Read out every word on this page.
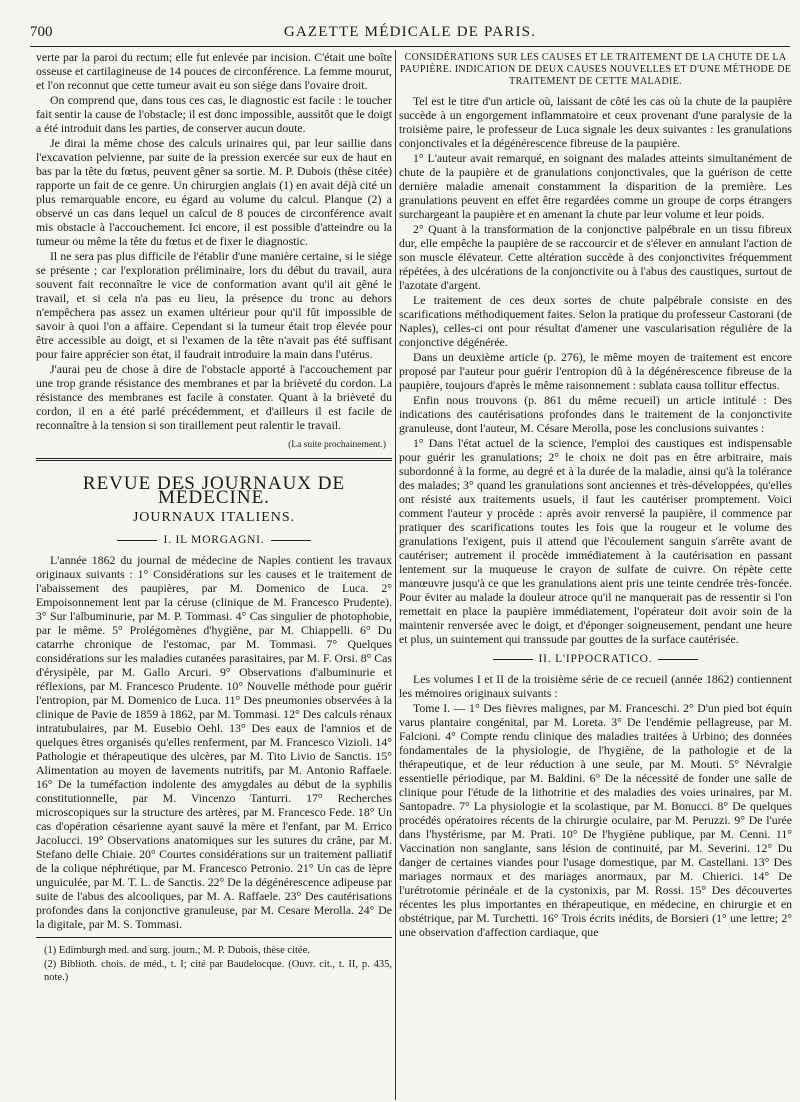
700	GAZETTE MÉDICALE DE PARIS.

verte par la paroi du rectum; elle fut enlevée par incision. C'était une boîte osseuse et cartilagineuse de 14 pouces de circonférence. La femme mourut, et l'on reconnut que cette tumeur avait eu son siége dans l'ovaire droit.

On comprend que, dans tous ces cas, le diagnostic est facile : le toucher fait sentir la cause de l'obstacle; il est donc impossible, aussitôt que le doigt a été introduit dans les parties, de conserver aucun doute.

Je dirai la même chose des calculs urinaires qui, par leur saillie dans l'excavation pelvienne, par suite de la pression exercée sur eux de haut en bas par la tête du fœtus, peuvent gêner sa sortie. M. P. Dubois (thèse citée) rapporte un fait de ce genre. Un chirurgien anglais (1) en avait déjà cité un plus remarquable encore, eu égard au volume du calcul. Planque (2) a observé un cas dans lequel un calcul de 8 pouces de circonférence avait mis obstacle à l'accouchement. Ici encore, il est possible d'atteindre ou la tumeur ou même la tête du fœtus et de fixer le diagnostic.

Il ne sera pas plus difficile de l'établir d'une manière certaine, si le siége se présente ; car l'exploration préliminaire, lors du début du travail, aura souvent fait reconnaître le vice de conformation avant qu'il ait gêné le travail, et si cela n'a pas eu lieu, la présence du tronc au dehors n'empêchera pas assez un examen ultérieur pour qu'il fût impossible de savoir à quoi l'on a affaire. Cependant si la tumeur était trop élevée pour être accessible au doigt, et si l'examen de la tête n'avait pas été suffisant pour faire apprécier son état, il faudrait introduire la main dans l'utérus.

J'aurai peu de chose à dire de l'obstacle apporté à l'accouchement par une trop grande résistance des membranes et par la brièveté du cordon. La résistance des membranes est facile à constater. Quant à la brièveté du cordon, il en a été parlé précédemment, et d'ailleurs il est facile de reconnaître à la tension si son tiraillement peut ralentir le travail.

(La suite prochainement.)

REVUE DES JOURNAUX DE MÉDECINE.
JOURNAUX ITALIENS.
I. IL MORGAGNI.

L'année 1862 du journal de médecine de Naples contient les travaux originaux suivants : 1° Considérations sur les causes et le traitement de l'abaissement des paupières, par M. Domenico de Luca. 2° Empoisonnement lent par la céruse (clinique de M. Francesco Prudente). 3° Sur l'albuminurie, par M. P. Tommasi. 4° Cas singulier de photophobie, par le même. 5° Prolégomènes d'hygiène, par M. Chiappelli. 6° Du catarrhe chronique de l'estomac, par M. Tommasi. 7° Quelques considérations sur les maladies cutanées parasitaires, par M. F. Orsi. 8° Cas d'érysipèle, par M. Gallo Arcuri. 9° Observations d'albuminurie et réflexions, par M. Francesco Prudente. 10° Nouvelle méthode pour guérir l'entropion, par M. Domenico de Luca. 11° Des pneumonies observées à la clinique de Pavie de 1859 à 1862, par M. Tommasi. 12° Des calculs rénaux intratubulaires, par M. Eusebio Oehl. 13° Des eaux de l'amnios et de quelques êtres organisés qu'elles renferment, par M. Francesco Vizioli. 14° Pathologie et thérapeutique des ulcères, par M. Tito Livio de Sanctis. 15° Alimentation au moyen de lavements nutritifs, par M. Antonio Raffaele. 16° De la tuméfaction indolente des amygdales au début de la syphilis constitutionnelle, par M. Vincenzo Tanturri. 17° Recherches microscopiques sur la structure des artères, par M. Francesco Fede. 18° Un cas d'opération césarienne ayant sauvé la mère et l'enfant, par M. Errico Jacolucci. 19° Observations anatomiques sur les sutures du crâne, par M. Stefano delle Chiaie. 20° Courtes considérations sur un traitement palliatif de la colique néphrétique, par M. Francesco Petronio. 21° Un cas de lèpre unguiculée, par M. T. L. de Sanctis. 22° De la dégénérescence adipeuse par suite de l'abus des alcooliques, par M. A. Raffaele. 23° Des cautérisations profondes dans la conjonctive granuleuse, par M. Cesare Merolla. 24° De la digitale, par M. S. Tommasi.

(1) Edimburgh med. and surg. journ.; M. P. Dubois, thèse citée.

(2) Biblioth. chois. de méd., t. I; cité par Baudelocque. (Ouvr. cit., t. II, p. 435, note.)

CONSIDÉRATIONS SUR LES CAUSES ET LE TRAITEMENT DE LA CHUTE DE LA PAUPIÈRE. INDICATION DE DEUX CAUSES NOUVELLES ET D'UNE MÉTHODE DE TRAITEMENT DE CETTE MALADIE.

Tel est le titre d'un article où, laissant de côté les cas où la chute de la paupière succède à un engorgement inflammatoire et ceux provenant d'une paralysie de la troisième paire, le professeur de Luca signale les deux suivantes : les granulations conjonctivales et la dégénérescence fibreuse de la paupière.

1° L'auteur avait remarqué, en soignant des malades atteints simultanément de chute de la paupière et de granulations conjonctivales, que la guérison de cette dernière maladie amenait constamment la disparition de la première. Les granulations peuvent en effet être regardées comme un groupe de corps étrangers surchargeant la paupière et en amenant la chute par leur volume et leur poids.

2° Quant à la transformation de la conjonctive palpébrale en un tissu fibreux dur, elle empêche la paupière de se raccourcir et de s'élever en annulant l'action de son muscle élévateur. Cette altération succède à des conjonctivites fréquemment répétées, à des ulcérations de la conjonctivite ou à l'abus des caustiques, surtout de l'azotate d'argent.

Le traitement de ces deux sortes de chute palpébrale consiste en des scarifications méthodiquement faites. Selon la pratique du professeur Castorani (de Naples), celles-ci ont pour résultat d'amener une vascularisation régulière de la conjonctive dégénérée.

Dans un deuxième article (p. 276), le même moyen de traitement est encore proposé par l'auteur pour guérir l'entropion dû à la dégénérescence fibreuse de la paupière, toujours d'après le même raisonnement : sublata causa tollitur effectus.

Enfin nous trouvons (p. 861 du même recueil) un article intitulé : Des indications des cautérisations profondes dans le traitement de la conjonctivite granuleuse, dont l'auteur, M. Césare Merolla, pose les conclusions suivantes :

1° Dans l'état actuel de la science, l'emploi des caustiques est indispensable pour guérir les granulations; 2° le choix ne doit pas en être arbitraire, mais subordonné à la forme, au degré et à la durée de la maladie, ainsi qu'à la tolérance des malades; 3° quand les granulations sont anciennes et très-développées, qu'elles ont résisté aux traitements usuels, il faut les cautériser promptement. Voici comment l'auteur y procède : après avoir renversé la paupière, il commence par pratiquer des scarifications toutes les fois que la rougeur et le volume des granulations l'exigent, puis il attend que l'écoulement sanguin s'arrête avant de cautériser; autrement il procède immédiatement à la cautérisation en passant lentement sur la muqueuse le crayon de sulfate de cuivre. On répète cette manœuvre jusqu'à ce que les granulations aient pris une teinte cendrée très-foncée. Pour éviter au malade la douleur atroce qu'il ne manquerait pas de ressentir si l'on remettait en place la paupière immédiatement, l'opérateur doit avoir soin de la maintenir renversée avec le doigt, et d'éponger soigneusement, pendant une heure et plus, un suintement qui transsude par gouttes de la surface cautérisée.

II. L'IPPOCRATICO.

Les volumes I et II de la troisième série de ce recueil (année 1862) contiennent les mémoires originaux suivants :

Tome I. — 1° Des fièvres malignes, par M. Franceschi. 2° D'un pied bot équin varus plantaire congénital, par M. Loreta. 3° De l'endémie pellagreuse, par M. Falcioni. 4° Compte rendu clinique des maladies traitées à Urbino; des données fondamentales de la physiologie, de l'hygiène, de la pathologie et de la thérapeutique, et de leur réduction à une seule, par M. Mouti. 5° Névralgie essentielle périodique, par M. Baldini. 6° De la nécessité de fonder une salle de clinique pour l'étude de la lithotritie et des maladies des voies urinaires, par M. Santopadre. 7° La physiologie et la scolastique, par M. Bonucci. 8° De quelques procédés opératoires récents de la chirurgie oculaire, par M. Peruzzi. 9° De l'urée dans l'hystérisme, par M. Prati. 10° De l'hygiène publique, par M. Cenni. 11° Vaccination non sanglante, sans lésion de continuité, par M. Severini. 12° Du danger de certaines viandes pour l'usage domestique, par M. Castellani. 13° Des mariages normaux et des mariages anormaux, par M. Chierici. 14° De l'urétrotomie périnéale et de la cystonixis, par M. Rossi. 15° Des découvertes récentes les plus importantes en thérapeutique, en médecine, en chirurgie et en obstétrique, par M. Turchetti. 16° Trois écrits inédits, de Borsieri (1° une lettre; 2° une observation d'affection cardiaque, que
